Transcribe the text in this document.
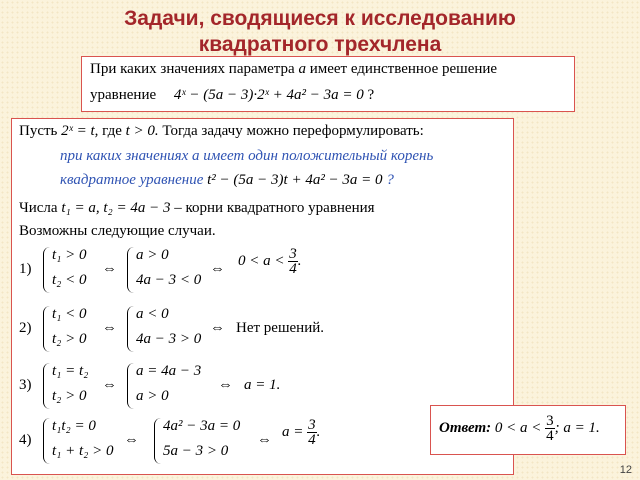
Задачи, сводящиеся к исследованию
квадратного трехчлена
При каких значениях параметра a имеет единственное решение
уравнение 4ˣ − (5a − 3)·2ˣ + 4a² − 3a = 0 ?
Пусть 2ˣ = t, где t > 0. Тогда задачу можно переформулировать:
при каких значениях a имеет один положительный корень
квадратное уравнение t² − (5a − 3)t + 4a² − 3a = 0 ?
Числа t₁ = a, t₂ = 4a − 3 – корни квадратного уравнения
Возможны следующие случаи.
1)
t₁ > 0
t₂ < 0
⇔
a > 0
4a − 3 < 0
⇔ $0 < a < \frac{3}{4}$ .
2)
t₁ < 0
t₂ > 0
⇔
a < 0
4a − 3 > 0
⇔ Нет решений.
3)
t₁ = t₂
t₂ > 0
⇔
a = 4a − 3
a > 0
⇔ a = 1.
4)
t₁t₂ = 0
t₁ + t₂ > 0
⇔
4a² − 3a = 0
5a − 3 > 0
⇔ $a = \frac{3}{4}$ .	Ответ: $0 < a < \frac{3}{4}$ ; a = 1.
12
